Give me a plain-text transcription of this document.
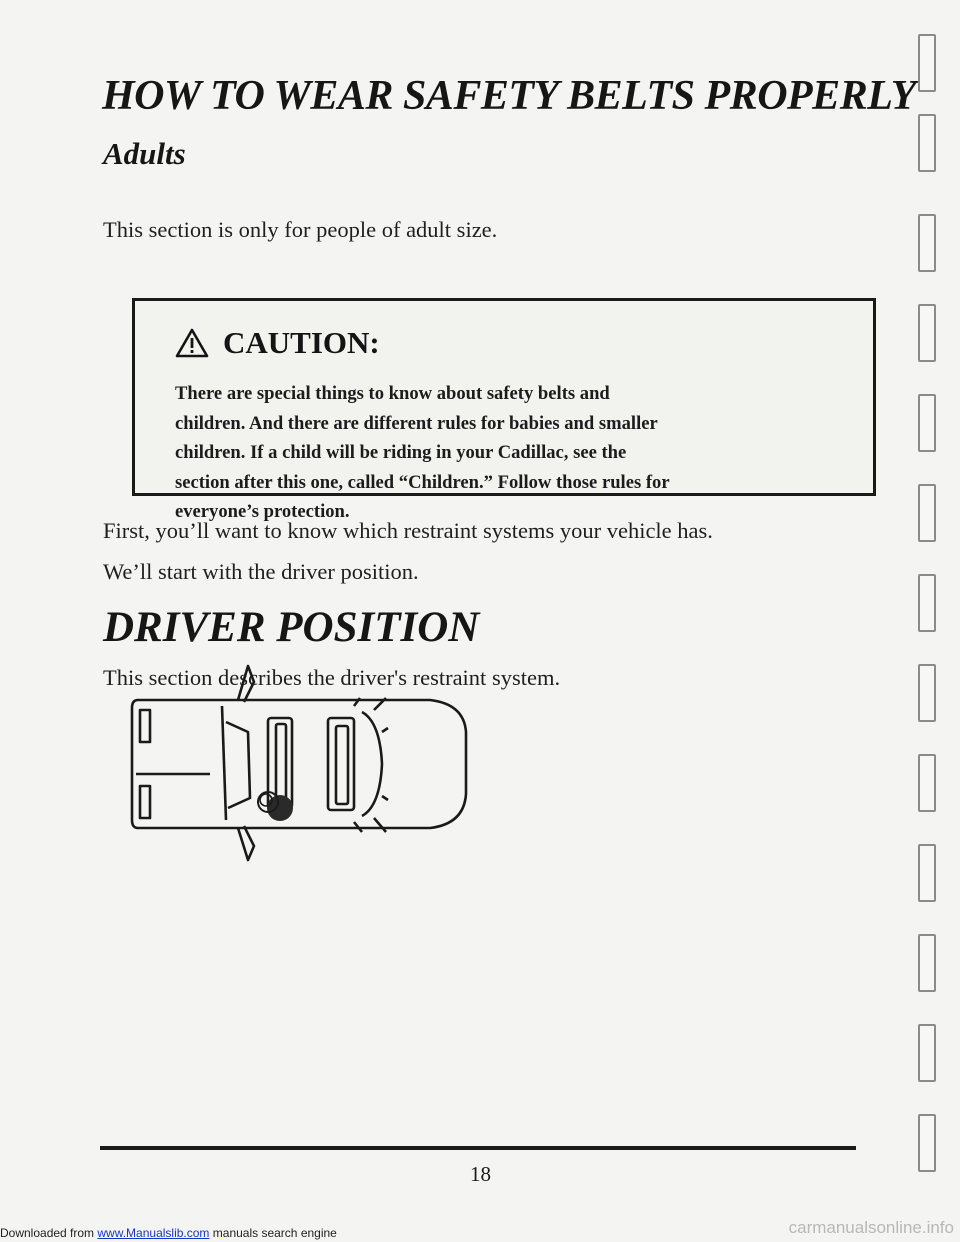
HOW TO WEAR SAFETY BELTS PROPERLY
Adults
This section is only for people of adult size.
CAUTION:
There are special things to know about safety belts and
children. And there are different rules for babies and smaller
children. If a child will be riding in your Cadillac, see the
section after this one, called “Children.” Follow those rules for
everyone’s protection.
First, you’ll want to know which restraint systems your vehicle has.
We’ll start with the driver position.
DRIVER POSITION
This section describes the driver's restraint system.
18
Downloaded from www.Manualslib.com manuals search engine	carmanualsonline.info
